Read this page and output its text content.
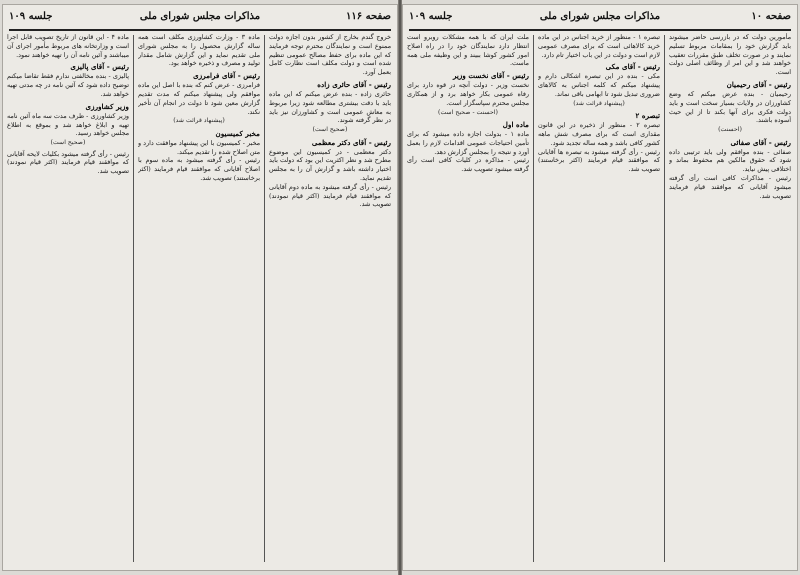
صفحه ۱۱۶
مذاکرات مجلس شورای ملی
جلسه ۱۰۹

خروج گندم بخارج از کشور بدون اجازه دولت ممنوع است و نمایندگان محترم توجه فرمایند که این ماده برای حفظ مصالح عمومی تنظیم شده است و دولت مکلف است نظارت کامل بعمل آورد.

رئیس - آقای حائری زاده

حائری زاده - بنده عرض میکنم که این ماده باید با دقت بیشتری مطالعه شود زیرا مربوط به معاش عمومی است و کشاورزان نیز باید در نظر گرفته شوند.

(صحیح است)

رئیس - آقای دکتر معظمی

دکتر معظمی - در کمیسیون این موضوع مطرح شد و نظر اکثریت این بود که دولت باید اختیار داشته باشد و گزارش آن را به مجلس تقدیم نماید.

رئیس - رأی گرفته میشود به ماده دوم آقایانی که موافقند قیام فرمایند (اکثر قیام نمودند) تصویب شد.

ماده ۳ - وزارت کشاورزی مکلف است همه ساله گزارش محصول را به مجلس شورای ملی تقدیم نماید و این گزارش شامل مقدار تولید و مصرف و ذخیره خواهد بود.

رئیس - آقای فرامرزی

فرامرزی - عرض کنم که بنده با اصل این ماده موافقم ولی پیشنهاد میکنم که مدت تقدیم گزارش معین شود تا دولت در انجام آن تأخیر نکند.

(پیشنهاد قرائت شد)

مخبر کمیسیون

مخبر - کمیسیون با این پیشنهاد موافقت دارد و متن اصلاح شده را تقدیم میکند.

رئیس - رأی گرفته میشود به ماده سوم با اصلاح آقایانی که موافقند قیام فرمایند (اکثر برخاستند) تصویب شد.

ماده ۴ - این قانون از تاریخ تصویب قابل اجرا است و وزارتخانه های مربوط مأمور اجرای آن میباشند و آئین نامه آن را تهیه خواهند نمود.

رئیس - آقای پالیزی

پالیزی - بنده مخالفتی ندارم فقط تقاضا میکنم توضیح داده شود که آئین نامه در چه مدتی تهیه خواهد شد.

وزیر کشاورزی

وزیر کشاورزی - ظرف مدت سه ماه آئین نامه تهیه و ابلاغ خواهد شد و بموقع به اطلاع مجلس خواهد رسید.

(صحیح است)

رئیس - رأی گرفته میشود بکلیات لایحه آقایانی که موافقند قیام فرمایند (اکثر قیام نمودند) تصویب شد.

صفحه ۱۰
مذاکرات مجلس شورای ملی
جلسه ۱۰۹

مأمورین دولت که در بازرسی حاضر میشوند باید گزارش خود را بمقامات مربوط تسلیم نمایند و در صورت تخلف طبق مقررات تعقیب خواهند شد و این امر از وظائف اصلی دولت است.

رئیس - آقای رحیمیان

رحیمیان - بنده عرض میکنم که وضع کشاورزان در ولایات بسیار سخت است و باید دولت فکری برای آنها بکند تا از این حیث آسوده باشند.

(احسنت)

رئیس - آقای صفائی

صفائی - بنده موافقم ولی باید ترتیبی داده شود که حقوق مالکین هم محفوظ بماند و اختلافی پیش نیاید.

رئیس - مذاکرات کافی است رأی گرفته میشود آقایانی که موافقند قیام فرمایند تصویب شد.

تبصره ۱ - منظور از خرید اجناس در این ماده خرید کالاهائی است که برای مصرف عمومی لازم است و دولت در این باب اختیار تام دارد.

رئیس - آقای مکی

مکی - بنده در این تبصره اشکالی دارم و پیشنهاد میکنم که کلمه اجناس به کالاهای ضروری تبدیل شود تا ابهامی باقی نماند.

(پیشنهاد قرائت شد)

تبصره ۲

تبصره ۲ - منظور از ذخیره در این قانون مقداری است که برای مصرف شش ماهه کشور کافی باشد و همه ساله تجدید شود.

رئیس - رأی گرفته میشود به تبصره ها آقایانی که موافقند قیام فرمایند (اکثر برخاستند) تصویب شد.

ملت ایران که با همه مشکلات روبرو است انتظار دارد نمایندگان خود را در راه اصلاح امور کشور کوشا ببیند و این وظیفه ملی همه ماست.

رئیس - آقای نخست وزیر

نخست وزیر - دولت آنچه در قوه دارد برای رفاه عمومی بکار خواهد برد و از همکاری مجلس محترم سپاسگزار است.

(احسنت - صحیح است)

ماده اول

ماده ۱ - بدولت اجازه داده میشود که برای تأمین احتیاجات عمومی اقدامات لازم را بعمل آورد و نتیجه را بمجلس گزارش دهد.

رئیس - مذاکره در کلیات کافی است رأی گرفته میشود تصویب شد.
